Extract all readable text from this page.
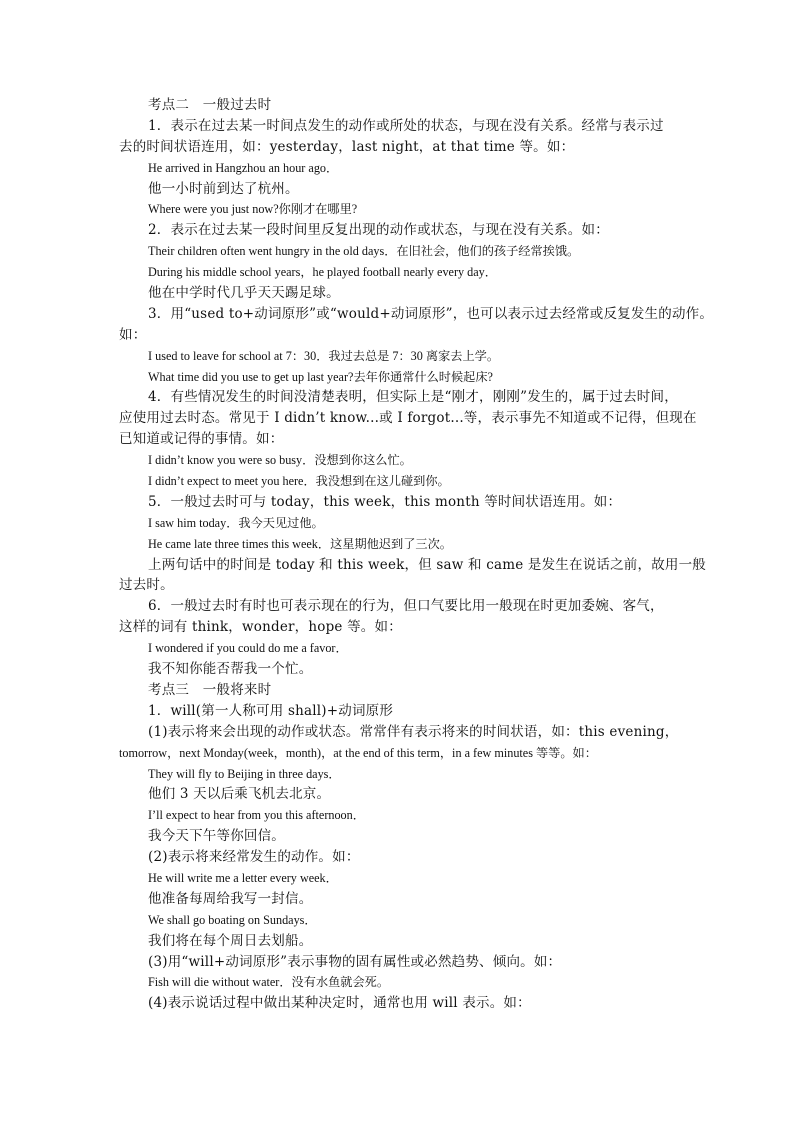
考点二　一般过去时
1．表示在过去某一时间点发生的动作或所处的状态，与现在没有关系。经常与表示过
去的时间状语连用，如：yesterday，last night，at that time 等。如：
He arrived in Hangzhou an hour ago．
他一小时前到达了杭州。
Where were you just now?你刚才在哪里?
2．表示在过去某一段时间里反复出现的动作或状态，与现在没有关系。如：
Their children often went hungry in the old days．在旧社会，他们的孩子经常挨饿。
During his middle school years，he played football nearly every day．
他在中学时代几乎天天踢足球。
3．用“used to+动词原形”或“would+动词原形”，也可以表示过去经常或反复发生的动作。
如：
I used to leave for school at 7：30．我过去总是 7：30 离家去上学。
What time did you use to get up last year?去年你通常什么时候起床?
4．有些情况发生的时间没清楚表明，但实际上是“刚才，刚刚”发生的，属于过去时间，
应使用过去时态。常见于 I didn’t know...或 I forgot...等，表示事先不知道或不记得，但现在
已知道或记得的事情。如：
I didn’t know you were so busy．没想到你这么忙。
I didn’t expect to meet you here．我没想到在这儿碰到你。
5．一般过去时可与 today，this week，this month 等时间状语连用。如：
I saw him today．我今天见过他。
He came late three times this week．这星期他迟到了三次。
上两句话中的时间是 today 和 this week，但 saw 和 came 是发生在说话之前，故用一般
过去时。
6．一般过去时有时也可表示现在的行为，但口气要比用一般现在时更加委婉、客气，
这样的词有 think，wonder，hope 等。如：
I wondered if you could do me a favor．
我不知你能否帮我一个忙。
考点三　一般将来时
1．will(第一人称可用 shall)+动词原形
(1)表示将来会出现的动作或状态。常常伴有表示将来的时间状语，如：this evening，
tomorrow，next Monday(week，month)，at the end of this term，in a few minutes 等等。如：
They will fly to Beijing in three days．
他们 3 天以后乘飞机去北京。
I’ll expect to hear from you this afternoon．
我今天下午等你回信。
(2)表示将来经常发生的动作。如：
He will write me a letter every week．
他准备每周给我写一封信。
We shall go boating on Sundays．
我们将在每个周日去划船。
(3)用“will+动词原形”表示事物的固有属性或必然趋势、倾向。如：
Fish will die without water．没有水鱼就会死。
(4)表示说话过程中做出某种决定时，通常也用 will 表示。如：
